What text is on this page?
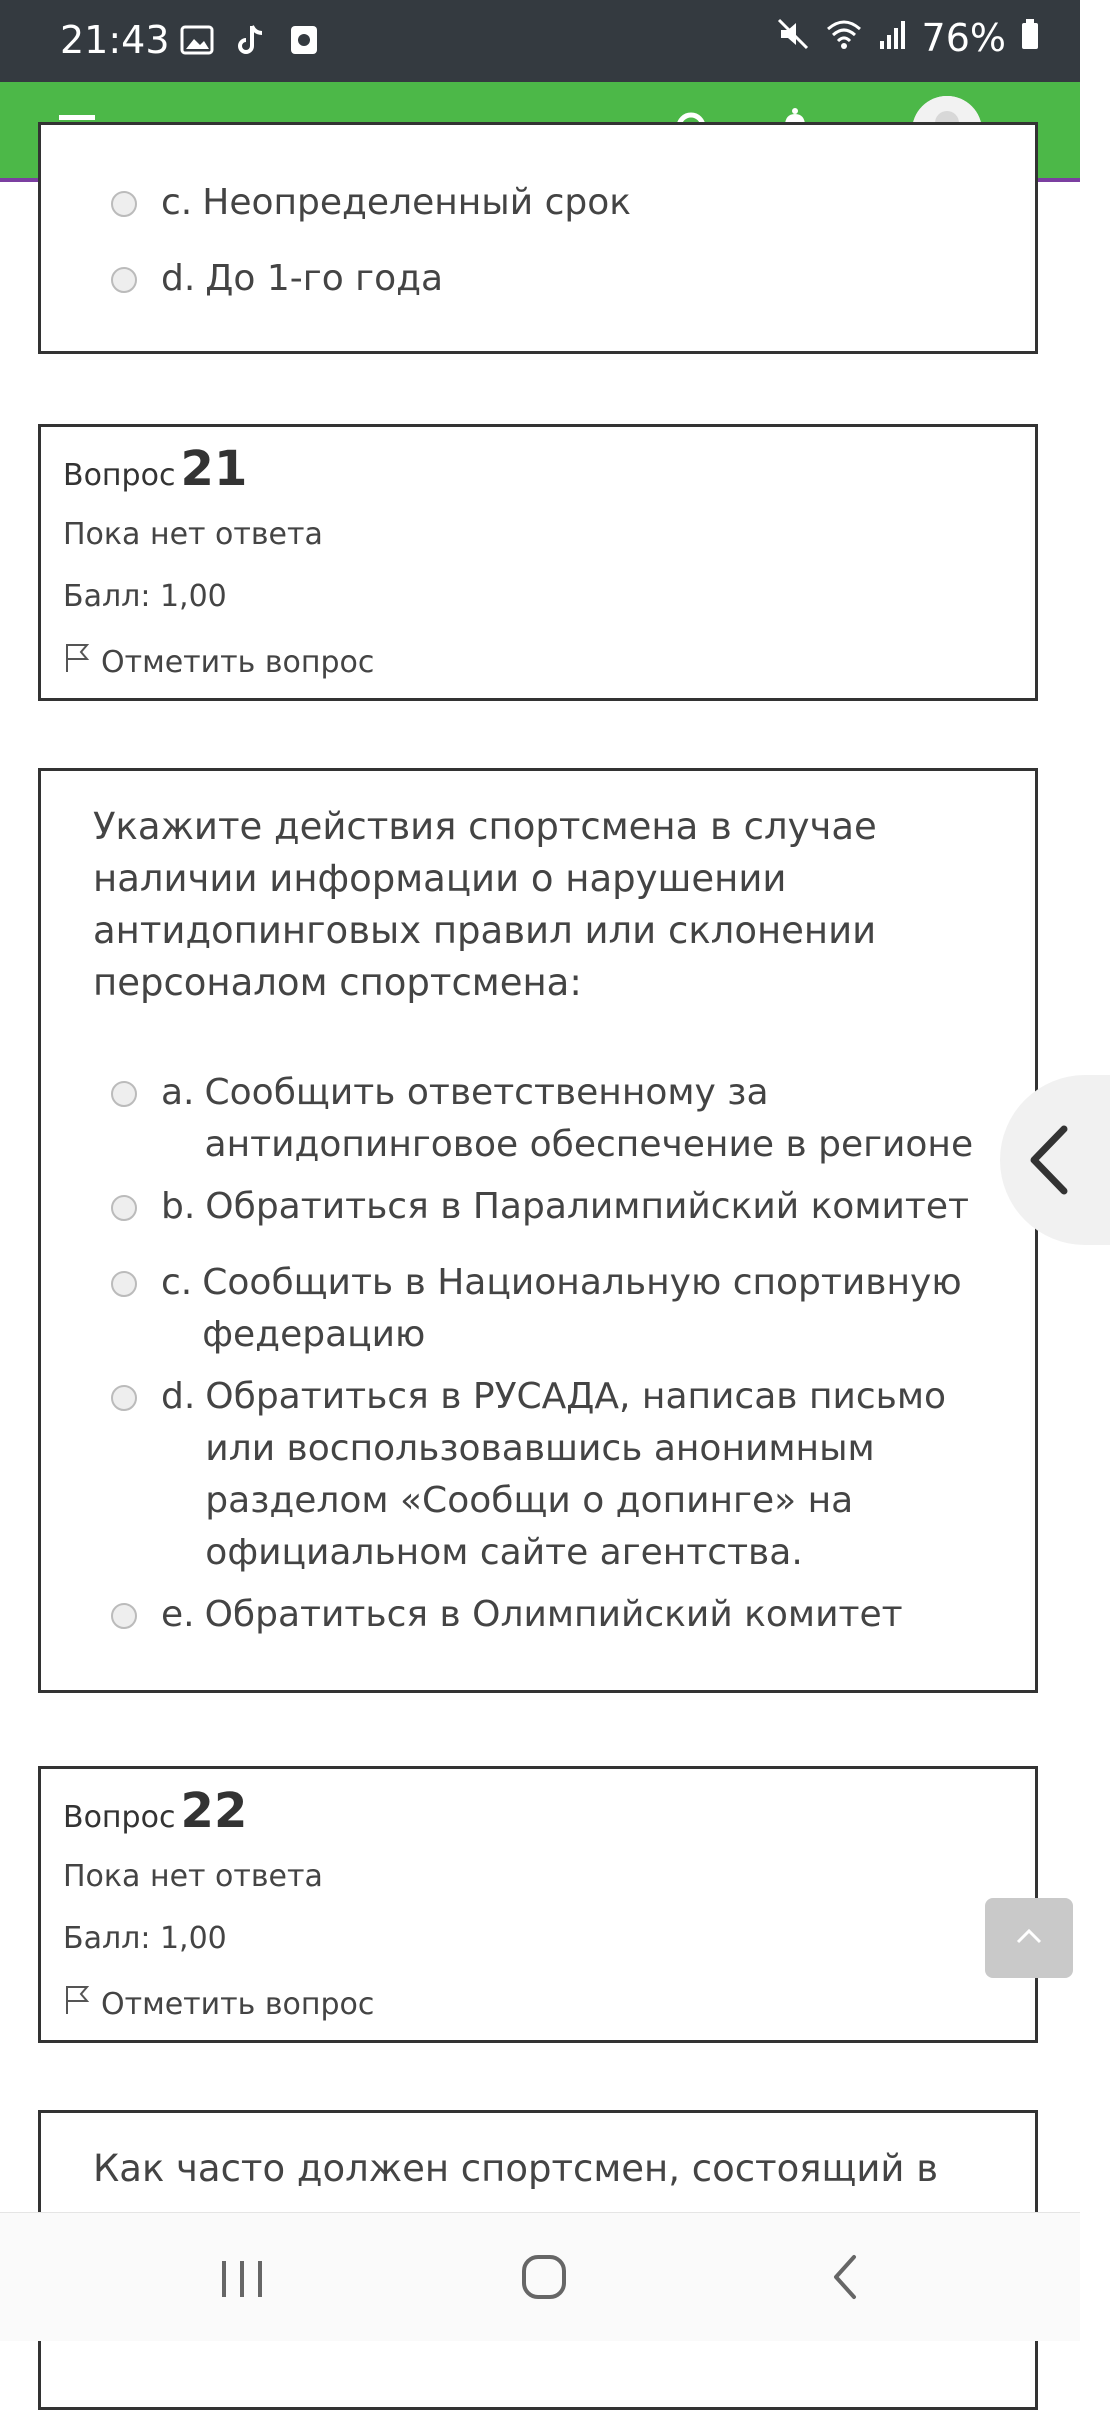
21:43	76%
c. Неопределенный срок
d. До 1-го года
Вопрос 21
Пока нет ответа
Балл: 1,00
Отметить вопрос
Укажите действия спортсмена в случае
наличии информации о нарушении
антидопинговых правил или склонении
персоналом спортсмена:
a. Сообщить ответственному за
антидопинговое обеспечение в регионе
b. Обратиться в Паралимпийский комитет
c. Сообщить в Национальную спортивную
федерацию
d. Обратиться в РУСАДА, написав письмо
или воспользовавшись анонимным
разделом «Сообщи о допинге» на
официальном сайте агентства.
e. Обратиться в Олимпийский комитет
Вопрос 22
Пока нет ответа
Балл: 1,00
Отметить вопрос
Как часто должен спортсмен, состоящий в
